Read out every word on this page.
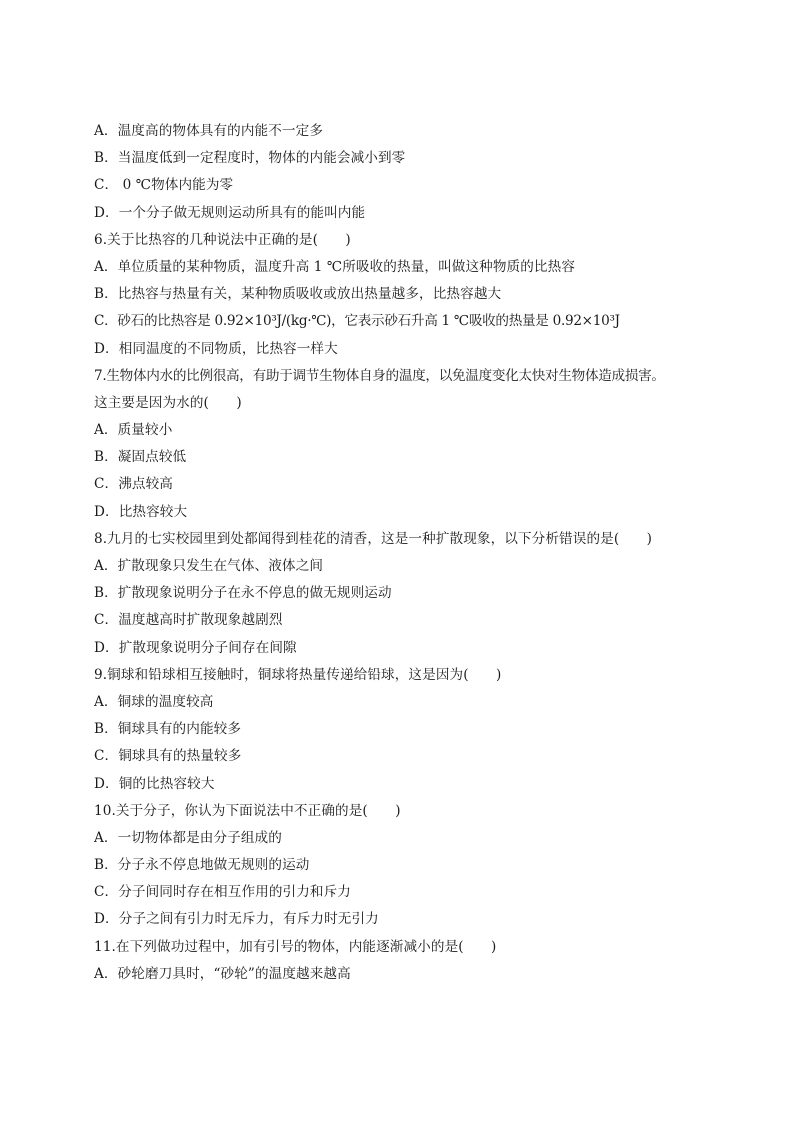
A．温度高的物体具有的内能不一定多
B．当温度低到一定程度时，物体的内能会减小到零
C． 0 ℃物体内能为零
D．一个分子做无规则运动所具有的能叫内能
6.关于比热容的几种说法中正确的是(　　)
A．单位质量的某种物质，温度升高 1 ℃所吸收的热量，叫做这种物质的比热容
B．比热容与热量有关，某种物质吸收或放出热量越多，比热容越大
C．砂石的比热容是 0.92×10³J/(kg·℃)，它表示砂石升高 1 ℃吸收的热量是 0.92×10³J
D．相同温度的不同物质，比热容一样大
7.生物体内水的比例很高，有助于调节生物体自身的温度，以免温度变化太快对生物体造成损害。
这主要是因为水的(　　)
A．质量较小
B．凝固点较低
C．沸点较高
D．比热容较大
8.九月的七实校园里到处都闻得到桂花的清香，这是一种扩散现象，以下分析错误的是(　　)
A．扩散现象只发生在气体、液体之间
B．扩散现象说明分子在永不停息的做无规则运动
C．温度越高时扩散现象越剧烈
D．扩散现象说明分子间存在间隙
9.铜球和铅球相互接触时，铜球将热量传递给铅球，这是因为(　　)
A．铜球的温度较高
B．铜球具有的内能较多
C．铜球具有的热量较多
D．铜的比热容较大
10.关于分子，你认为下面说法中不正确的是(　　)
A．一切物体都是由分子组成的
B．分子永不停息地做无规则的运动
C．分子间同时存在相互作用的引力和斥力
D．分子之间有引力时无斥力，有斥力时无引力
11.在下列做功过程中，加有引号的物体，内能逐渐减小的是(　　)
A．砂轮磨刀具时，“砂轮”的温度越来越高
